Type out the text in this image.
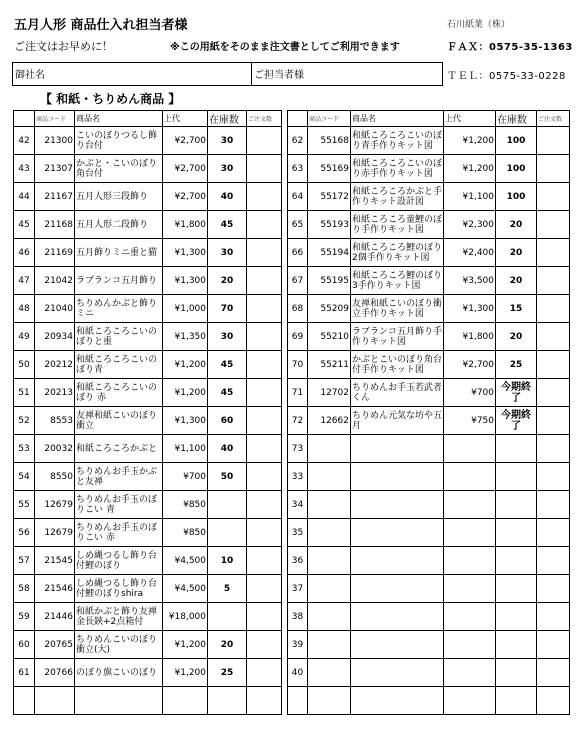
五月人形 商品仕入れ担当者様	石川紙業（株）
ご注文はお早めに！	※この用紙をそのまま注文書としてご利用できます	ＦＡＸ：0575-35-1363
御社名	ご担当者様	ＴＥＬ：0575-33-0228
【 和紙・ちりめん商品 】
	商品コード	商品名	上代	在庫数	ご注文数
42	21300	こいのぼりつるし飾り台付	¥2,700	30	
43	21307	かぶと・こいのぼり角台付	¥2,700	30	
44	21167	五月人形三段飾り	¥2,700	40	
45	21168	五月人形二段飾り	¥1,800	45	
46	21169	五月飾りミニ重と猫	¥1,300	30	
47	21042	ラブランコ五月飾り	¥1,300	20	
48	21040	ちりめんかぶと飾りミニ	¥1,000	70	
49	20934	和紙ころころこいのぼりと重	¥1,350	30	
50	20212	和紙ころころこいのぼり青	¥1,200	45	
51	20213	和紙ころころこいのぼり 赤	¥1,200	45	
52	8553	友禅和紙こいのぼり衝立	¥1,300	60	
53	20032	和紙ころころかぶと	¥1,100	40	
54	8550	ちりめんお手玉かぶと友禅	¥700	50	
55	12679	ちりめんお手玉のぼりこい 青	¥850		
56	12679	ちりめんお手玉のぼりこい 赤	¥850		
57	21545	しめ縄つるし飾り台付鯉のぼり	¥4,500	10	
58	21546	しめ縄つるし飾り台付鯉のぼりshira	¥4,500	5	
59	21446	和紙かぶと飾り友禅金長鋏+2点箱付	¥18,000		
60	20765	ちりめんこいのぼり衝立(大)	¥1,200	20	
61	20766	のぼり旗こいのぼり	¥1,200	25	

	商品コード	商品名	上代	在庫数	ご注文数
62	55168	和紙ころころこいのぼり青手作りキット図	¥1,200	100	
63	55169	和紙ころころこいのぼり赤手作りキット図	¥1,200	100	
64	55172	和紙ころころかぶと手作りキット設計図	¥1,100	100	
65	55193	和紙ころころ童鯉のぼり手作りキット図	¥2,300	20	
66	55194	和紙ころころ鯉のぼり2個手作りキット図	¥2,400	20	
67	55195	和紙ころころ鯉のぼり3手作りキット図	¥3,500	20	
68	55209	友禅和紙こいのぼり衝立手作りキット図	¥1,300	15	
69	55210	ラブランコ五月飾り手作りキット図	¥1,800	20	
70	55211	かぶとこいのぼり角台付手作りキット図	¥2,700	25	
71	12702	ちりめんお手玉若武者くん	¥700	今期終了	
72	12662	ちりめん元気な坊や五月	¥750	今期終了	
73					
33					
34					
35					
36					
37					
38					
39					
40					
